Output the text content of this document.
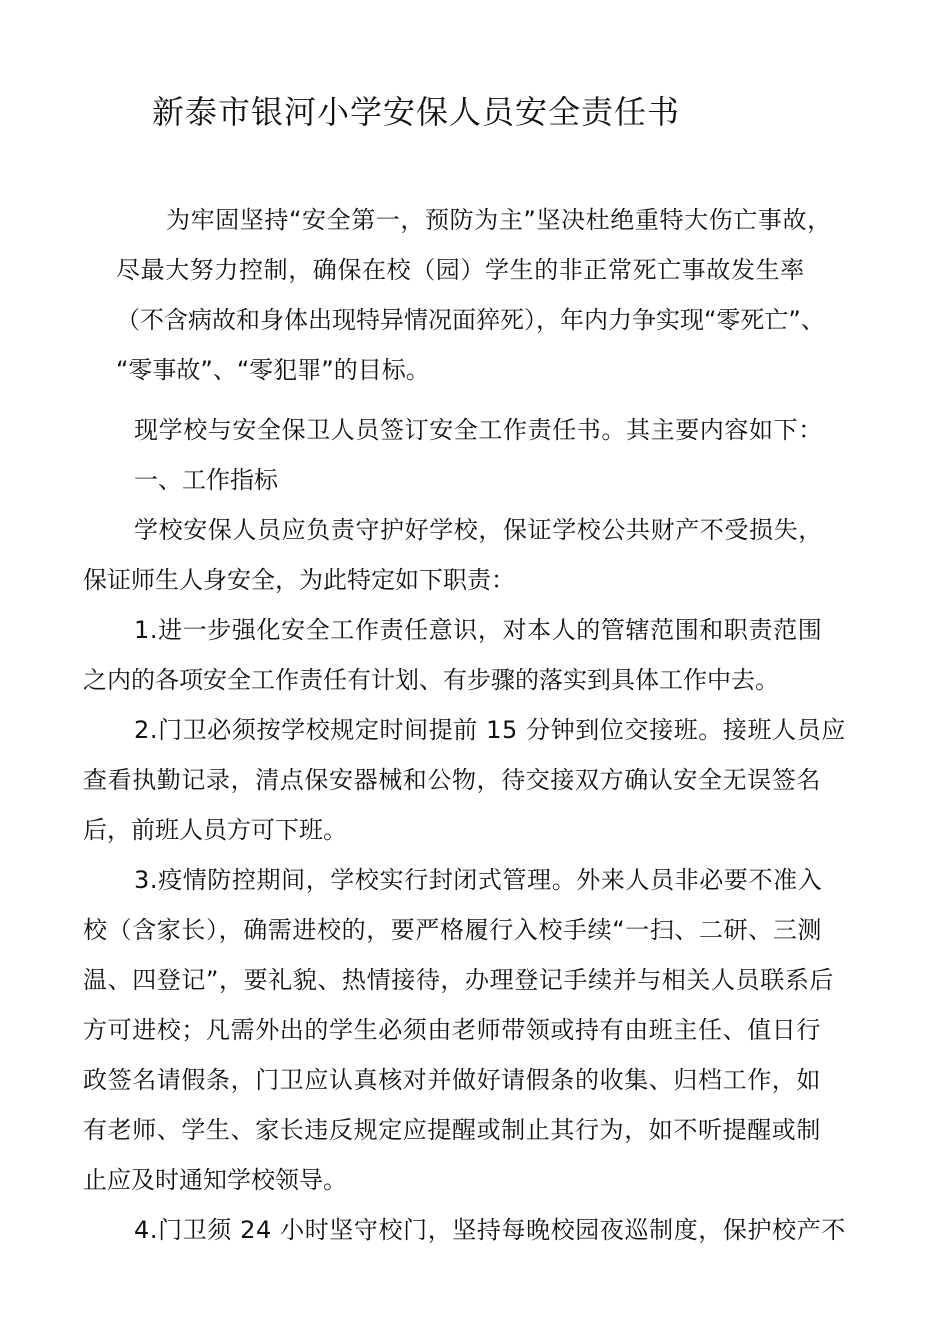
新泰市银河小学安保人员安全责任书
为牢固坚持“安全第一，预防为主”坚决杜绝重特大伤亡事故，
尽最大努力控制，确保在校（园）学生的非正常死亡事故发生率
（不含病故和身体出现特异情况面猝死），年内力争实现“零死亡”、
“零事故”、“零犯罪”的目标。
现学校与安全保卫人员签订安全工作责任书。其主要内容如下：
一、工作指标
学校安保人员应负责守护好学校，保证学校公共财产不受损失，
保证师生人身安全，为此特定如下职责：
1.进一步强化安全工作责任意识，对本人的管辖范围和职责范围
之内的各项安全工作责任有计划、有步骤的落实到具体工作中去。
2.门卫必须按学校规定时间提前 15 分钟到位交接班。接班人员应
查看执勤记录，清点保安器械和公物，待交接双方确认安全无误签名
后，前班人员方可下班。
3.疫情防控期间，学校实行封闭式管理。外来人员非必要不准入
校（含家长），确需进校的，要严格履行入校手续“一扫、二研、三测
温、四登记”，要礼貌、热情接待，办理登记手续并与相关人员联系后
方可进校；凡需外出的学生必须由老师带领或持有由班主任、值日行
政签名请假条，门卫应认真核对并做好请假条的收集、归档工作，如
有老师、学生、家长违反规定应提醒或制止其行为，如不听提醒或制
止应及时通知学校领导。
4.门卫须 24 小时坚守校门，坚持每晚校园夜巡制度，保护校产不
